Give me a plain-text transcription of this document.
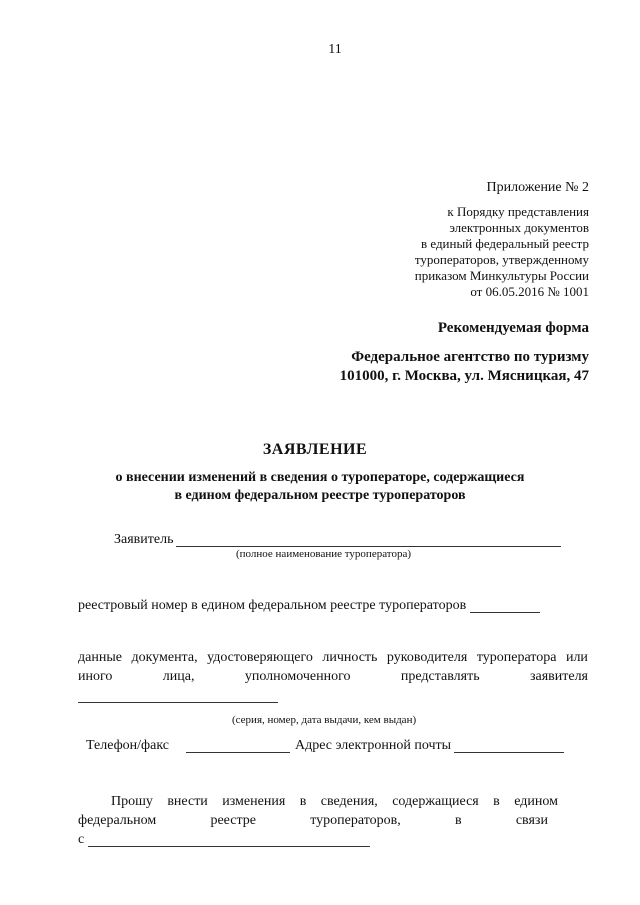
11
Приложение № 2
к Порядку представления
электронных документов
в единый федеральный реестр
туроператоров, утвержденному
приказом Минкультуры России
от 06.05.2016 № 1001
Рекомендуемая форма
Федеральное агентство по туризму
101000, г. Москва, ул. Мясницкая, 47
ЗАЯВЛЕНИЕ
о внесении изменений в сведения о туроператоре, содержащиеся
в едином федеральном реестре туроператоров
Заявитель
(полное наименование туроператора)
реестровый номер в едином федеральном реестре туроператоров
данные документа, удостоверяющего личность руководителя туроператора или
иного	лица,	уполномоченного	представлять	заявителя
(серия, номер, дата выдачи, кем выдан)
Телефон/факс	Адрес электронной почты
Прошу внести изменения в сведения, содержащиеся в едином
федеральном	реестре	туроператоров,	в	связи
с
